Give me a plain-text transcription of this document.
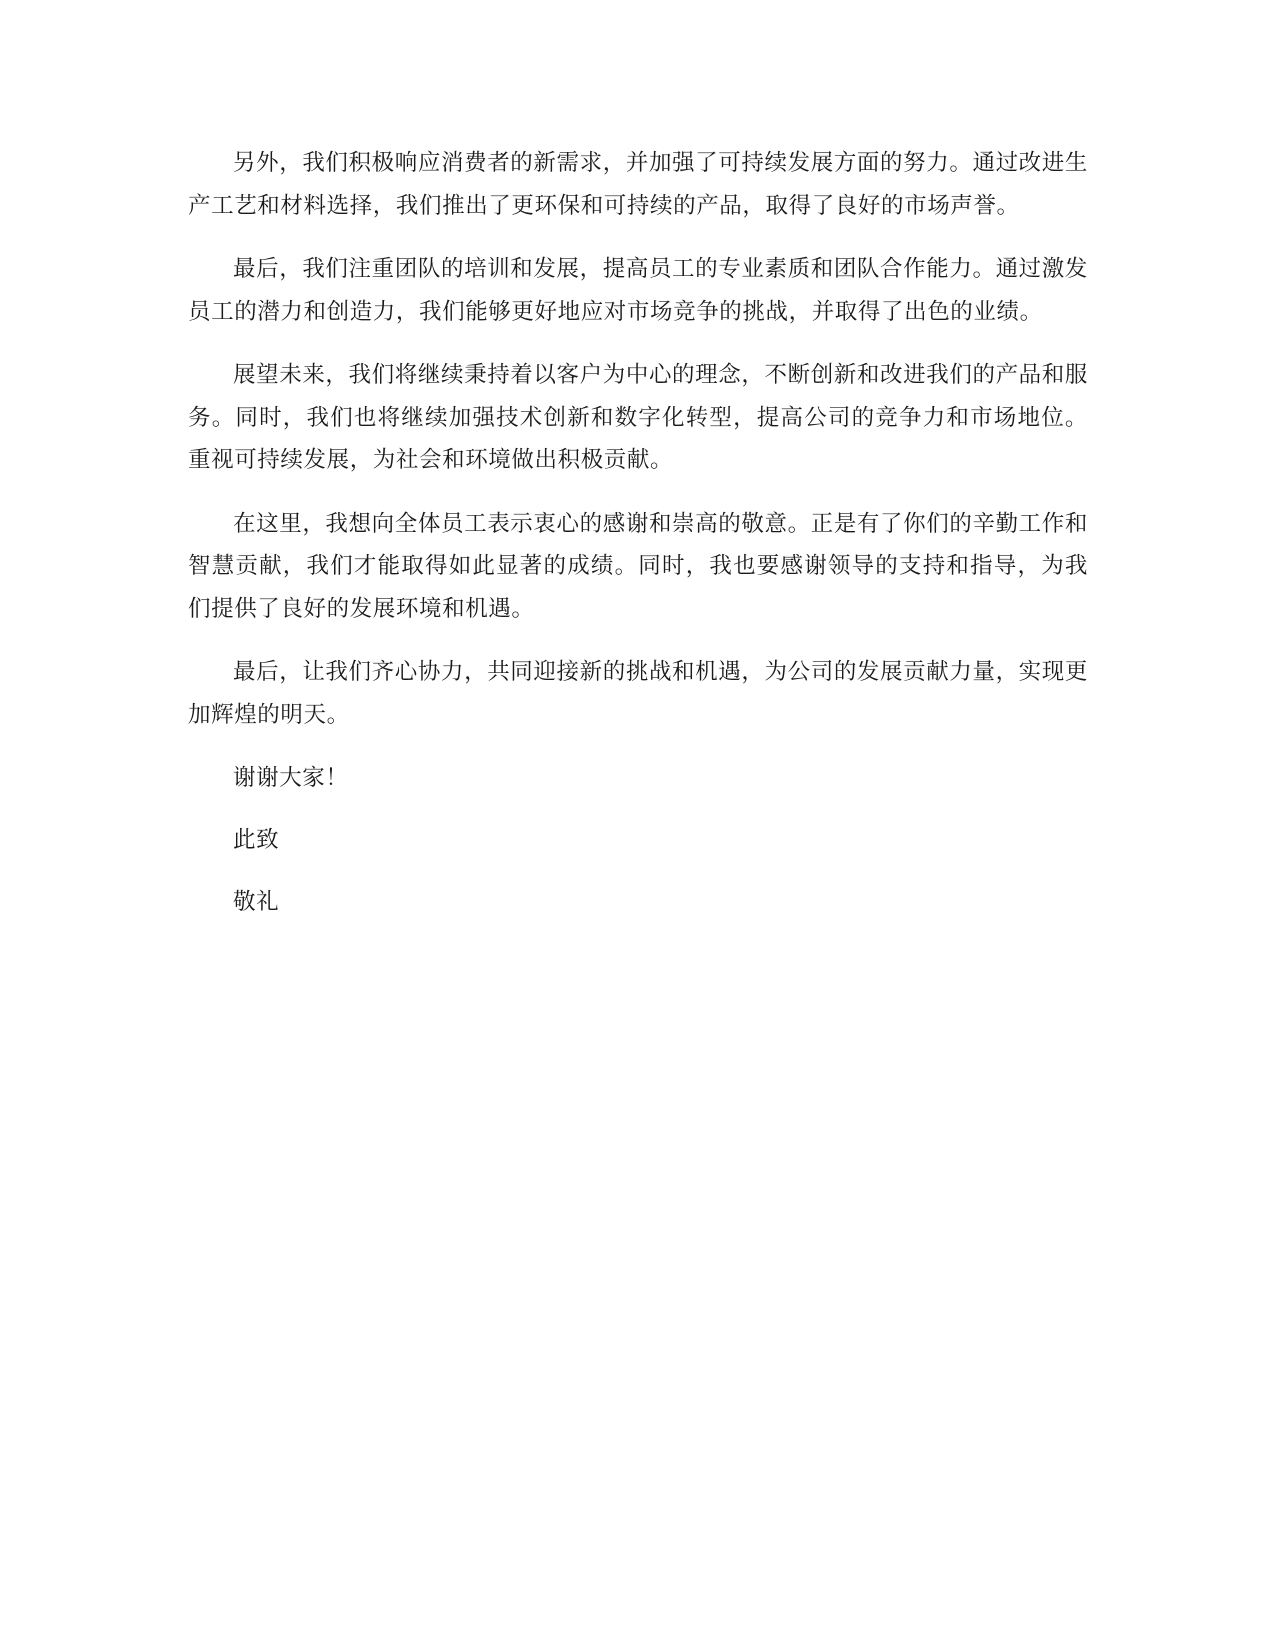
另外，我们积极响应消费者的新需求，并加强了可持续发展方面的努力。通过改进生产工艺和材料选择，我们推出了更环保和可持续的产品，取得了良好的市场声誉。

最后，我们注重团队的培训和发展，提高员工的专业素质和团队合作能力。通过激发员工的潜力和创造力，我们能够更好地应对市场竞争的挑战，并取得了出色的业绩。

展望未来，我们将继续秉持着以客户为中心的理念，不断创新和改进我们的产品和服务。同时，我们也将继续加强技术创新和数字化转型，提高公司的竞争力和市场地位。重视可持续发展，为社会和环境做出积极贡献。

在这里，我想向全体员工表示衷心的感谢和崇高的敬意。正是有了你们的辛勤工作和智慧贡献，我们才能取得如此显著的成绩。同时，我也要感谢领导的支持和指导，为我们提供了良好的发展环境和机遇。

最后，让我们齐心协力，共同迎接新的挑战和机遇，为公司的发展贡献力量，实现更加辉煌的明天。

谢谢大家！

此致

敬礼
